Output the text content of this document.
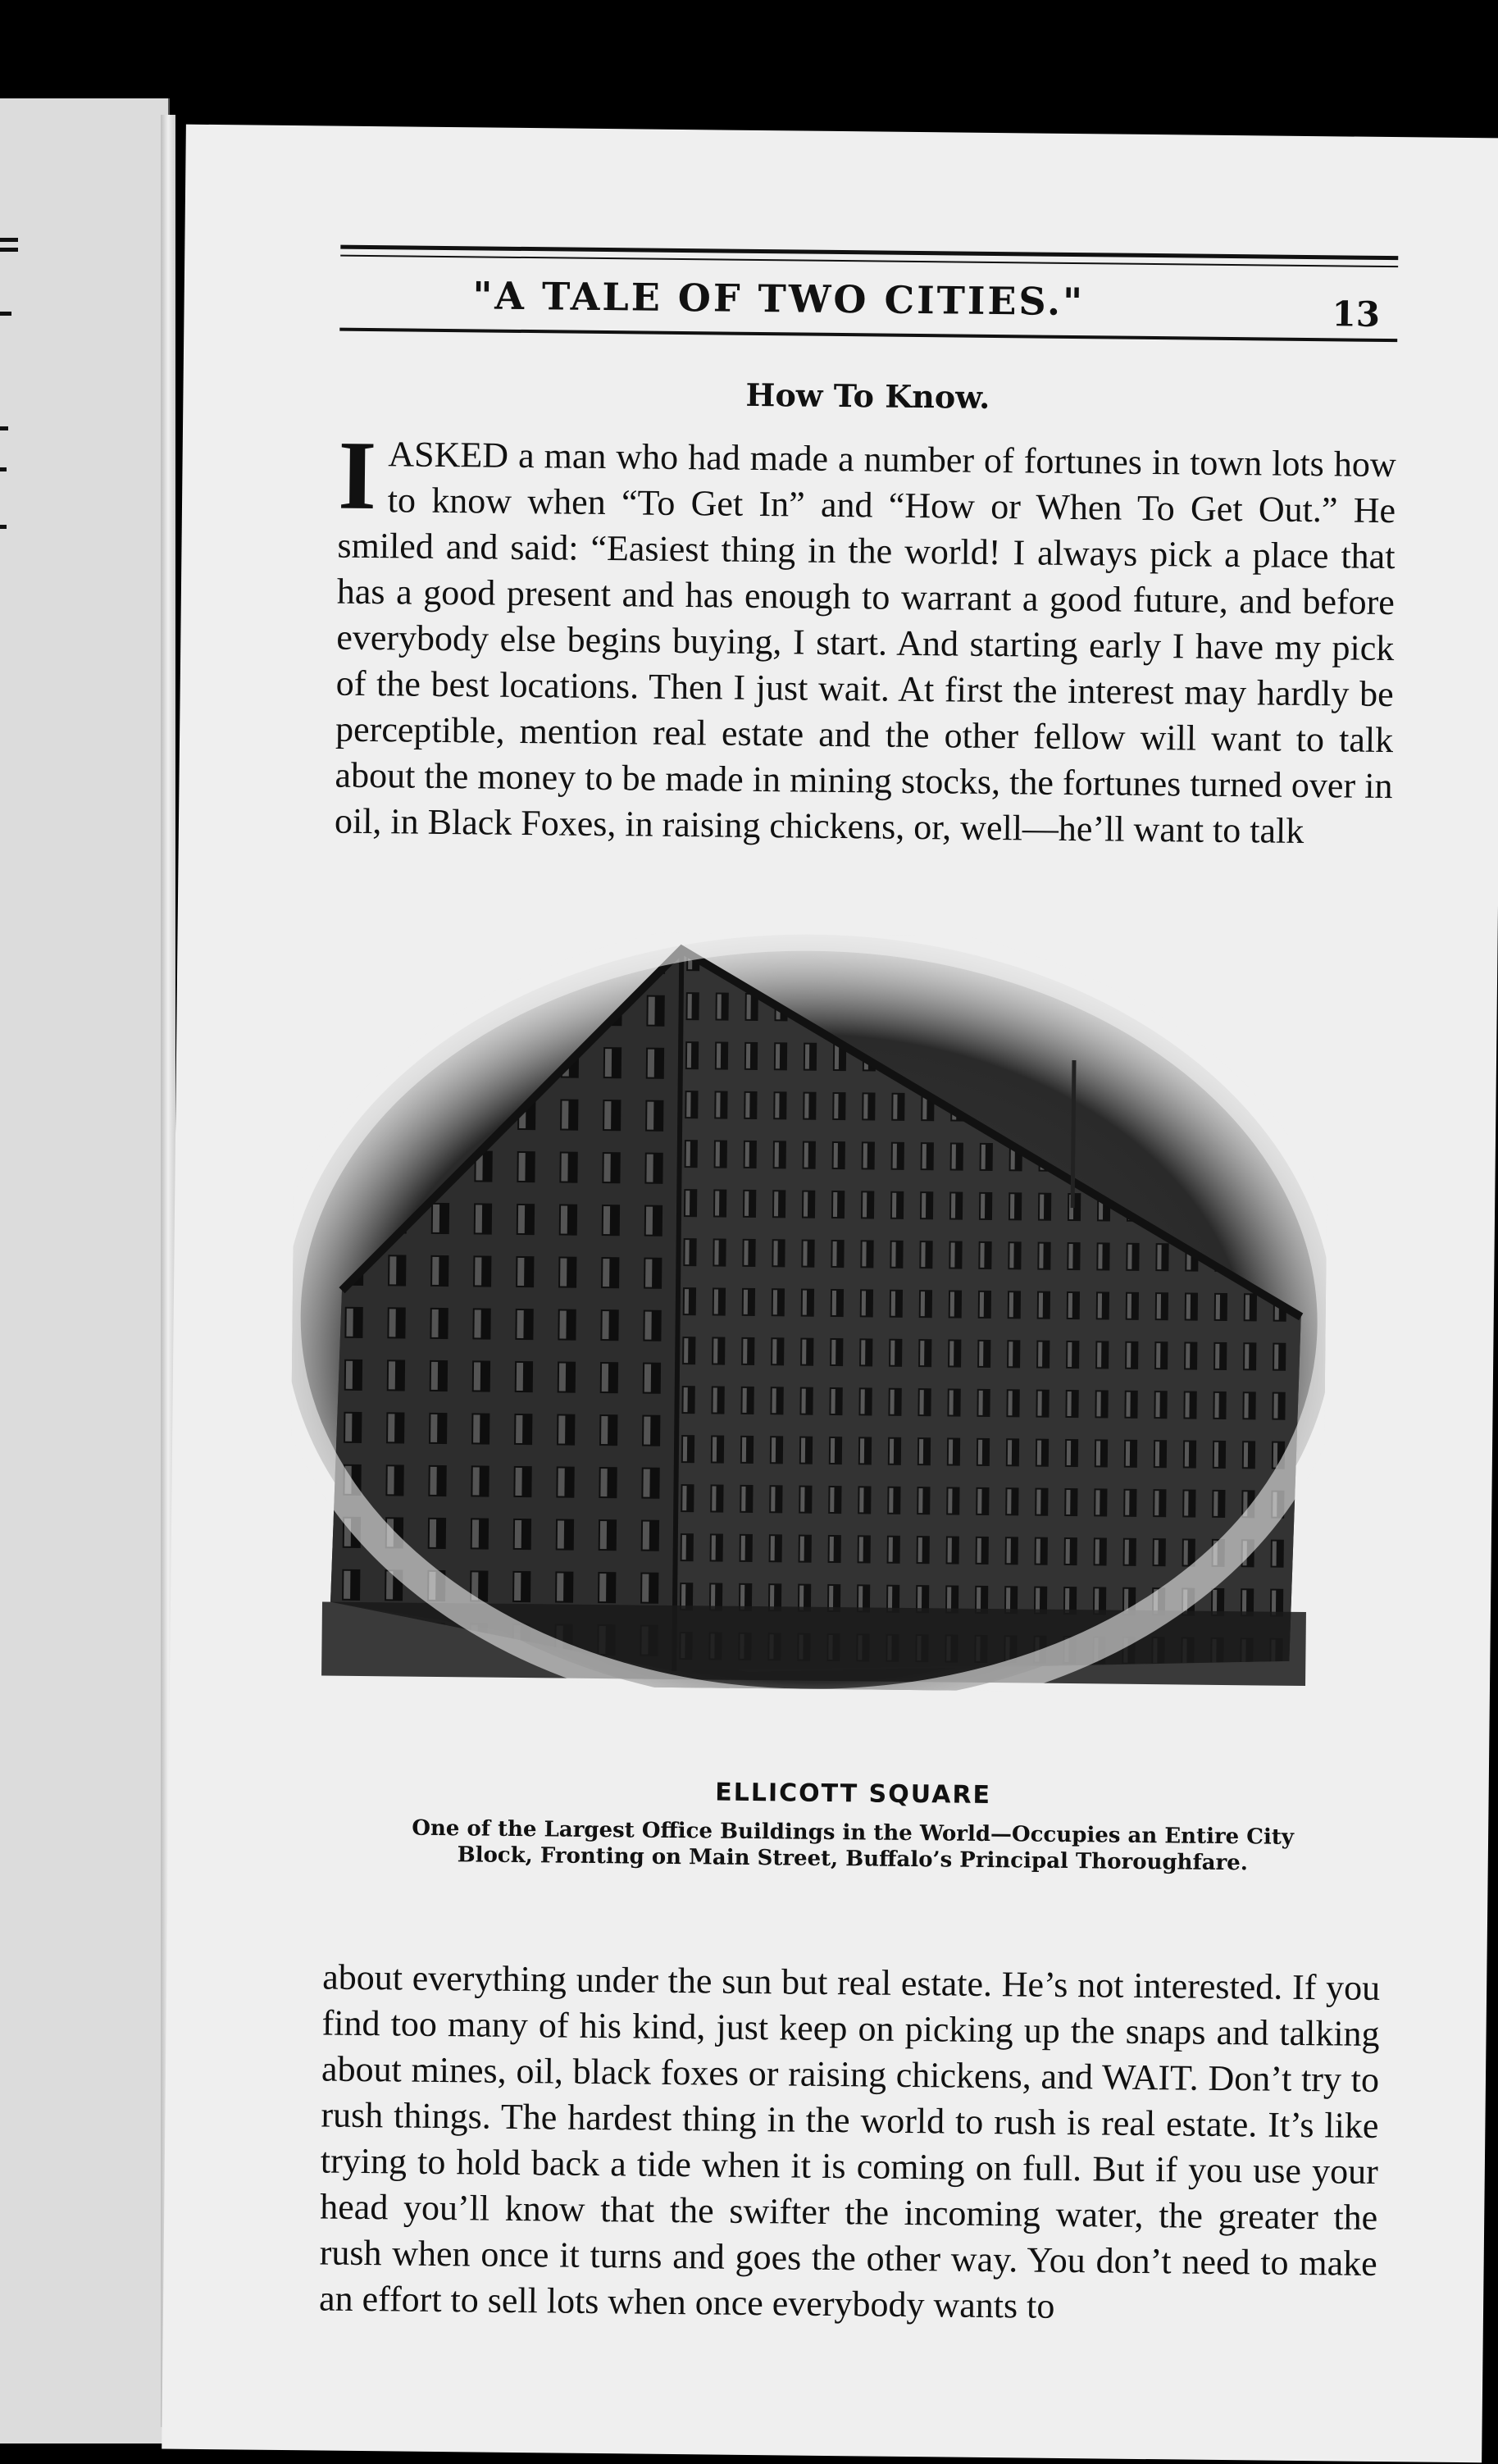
"A TALE OF TWO CITIES."	13
How To Know.

IASKED a man who had made a number of fortunes in town lots how to know when “To Get In” and “How or When To Get Out.” He smiled and said: “Easiest thing in the world! I always pick a place that has a good present and has enough to warrant a good future, and before everybody else begins buying, I start. And starting early I have my pick of the best locations. Then I just wait. At first the interest may hardly be perceptible, mention real estate and the other fellow will want to talk about the money to be made in mining stocks, the fortunes turned over in oil, in Black Foxes, in raising chickens, or, well—he’ll want to talk

ELLICOTT SQUARE
One of the Largest Office Buildings in the World—Occupies an Entire City
Block, Fronting on Main Street, Buffalo’s Principal Thoroughfare.

about everything under the sun but real estate. He’s not interested. If you find too many of his kind, just keep on picking up the snaps and talking about mines, oil, black foxes or raising chickens, and WAIT. Don’t try to rush things. The hardest thing in the world to rush is real estate. It’s like trying to hold back a tide when it is coming on full. But if you use your head you’ll know that the swifter the incoming water, the greater the rush when once it turns and goes the other way. You don’t need to make an effort to sell lots when once everybody wants to
